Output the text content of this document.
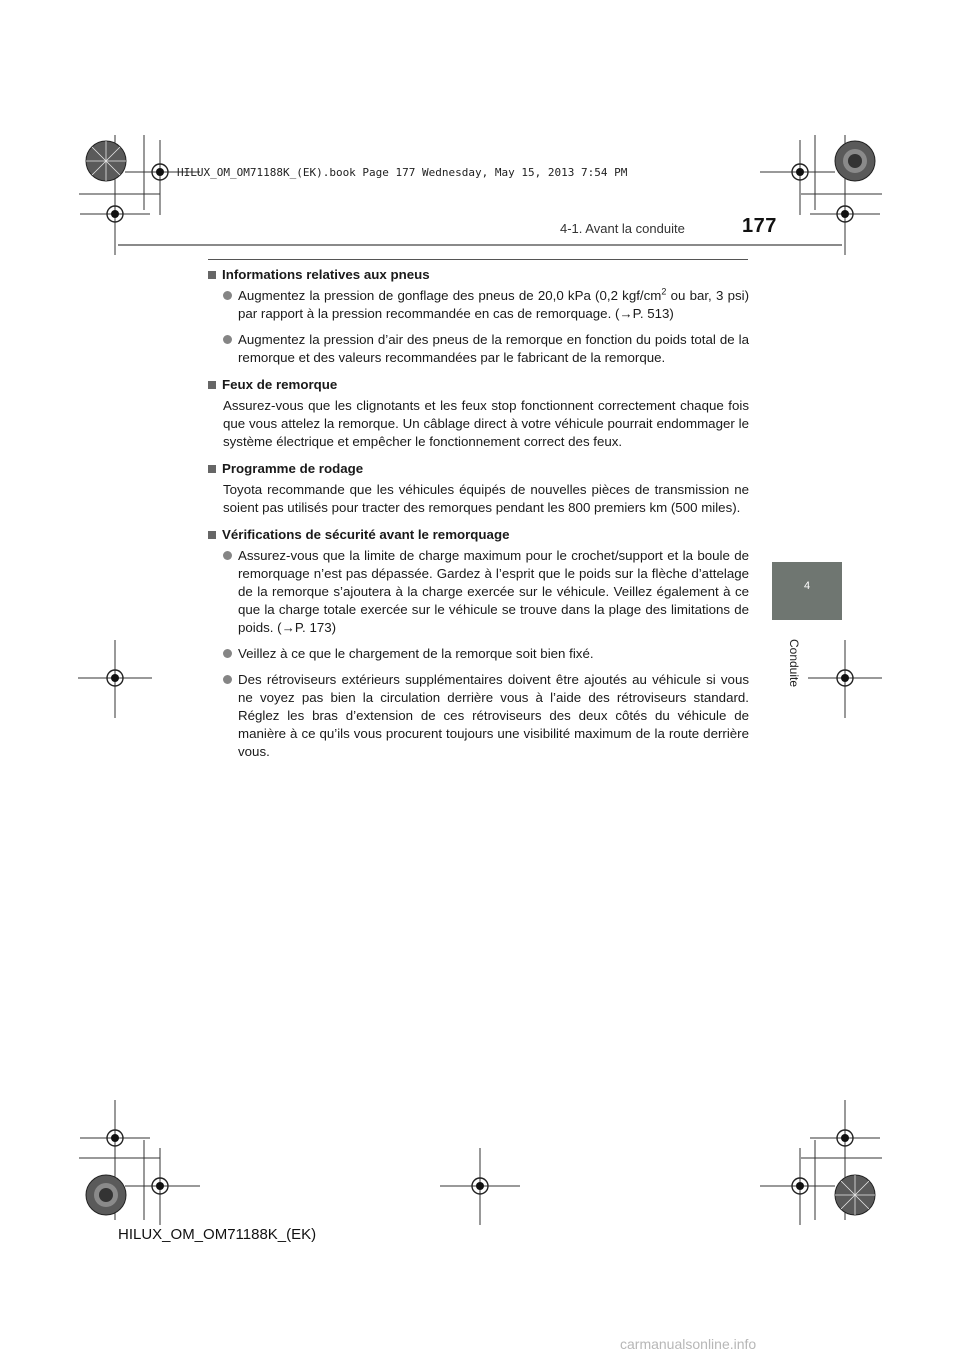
HILUX_OM_OM71188K_(EK).book Page 177 Wednesday, May 15, 2013 7:54 PM
4-1. Avant la conduite	177
4
Conduite
Informations relatives aux pneus
Augmentez la pression de gonflage des pneus de 20,0 kPa (0,2 kgf/$cm^2$ ou bar, 3 psi) par rapport à la pression recommandée en cas de remorquage. (→P. 513)
Augmentez la pression d’air des pneus de la remorque en fonction du poids total de la remorque et des valeurs recommandées par le fabricant de la remorque.
Feux de remorque
Assurez-vous que les clignotants et les feux stop fonctionnent correctement chaque fois que vous attelez la remorque. Un câblage direct à votre véhicule pourrait endommager le système électrique et empêcher le fonctionnement correct des feux.
Programme de rodage
Toyota recommande que les véhicules équipés de nouvelles pièces de transmission ne soient pas utilisés pour tracter des remorques pendant les 800 premiers km (500 miles).
Vérifications de sécurité avant le remorquage
Assurez-vous que la limite de charge maximum pour le crochet/support et la boule de remorquage n’est pas dépassée. Gardez à l’esprit que le poids sur la flèche d’attelage de la remorque s’ajoutera à la charge exercée sur le véhicule. Veillez également à ce que la charge totale exercée sur le véhicule se trouve dans la plage des limitations de poids. (→P. 173)
Veillez à ce que le chargement de la remorque soit bien fixé.
Des rétroviseurs extérieurs supplémentaires doivent être ajoutés au véhicule si vous ne voyez pas bien la circulation derrière vous à l’aide des rétroviseurs standard. Réglez les bras d’extension de ces rétroviseurs des deux côtés du véhicule de manière à ce qu’ils vous procurent toujours une visibilité maximum de la route derrière vous.
HILUX_OM_OM71188K_(EK)
carmanualsonline.info
